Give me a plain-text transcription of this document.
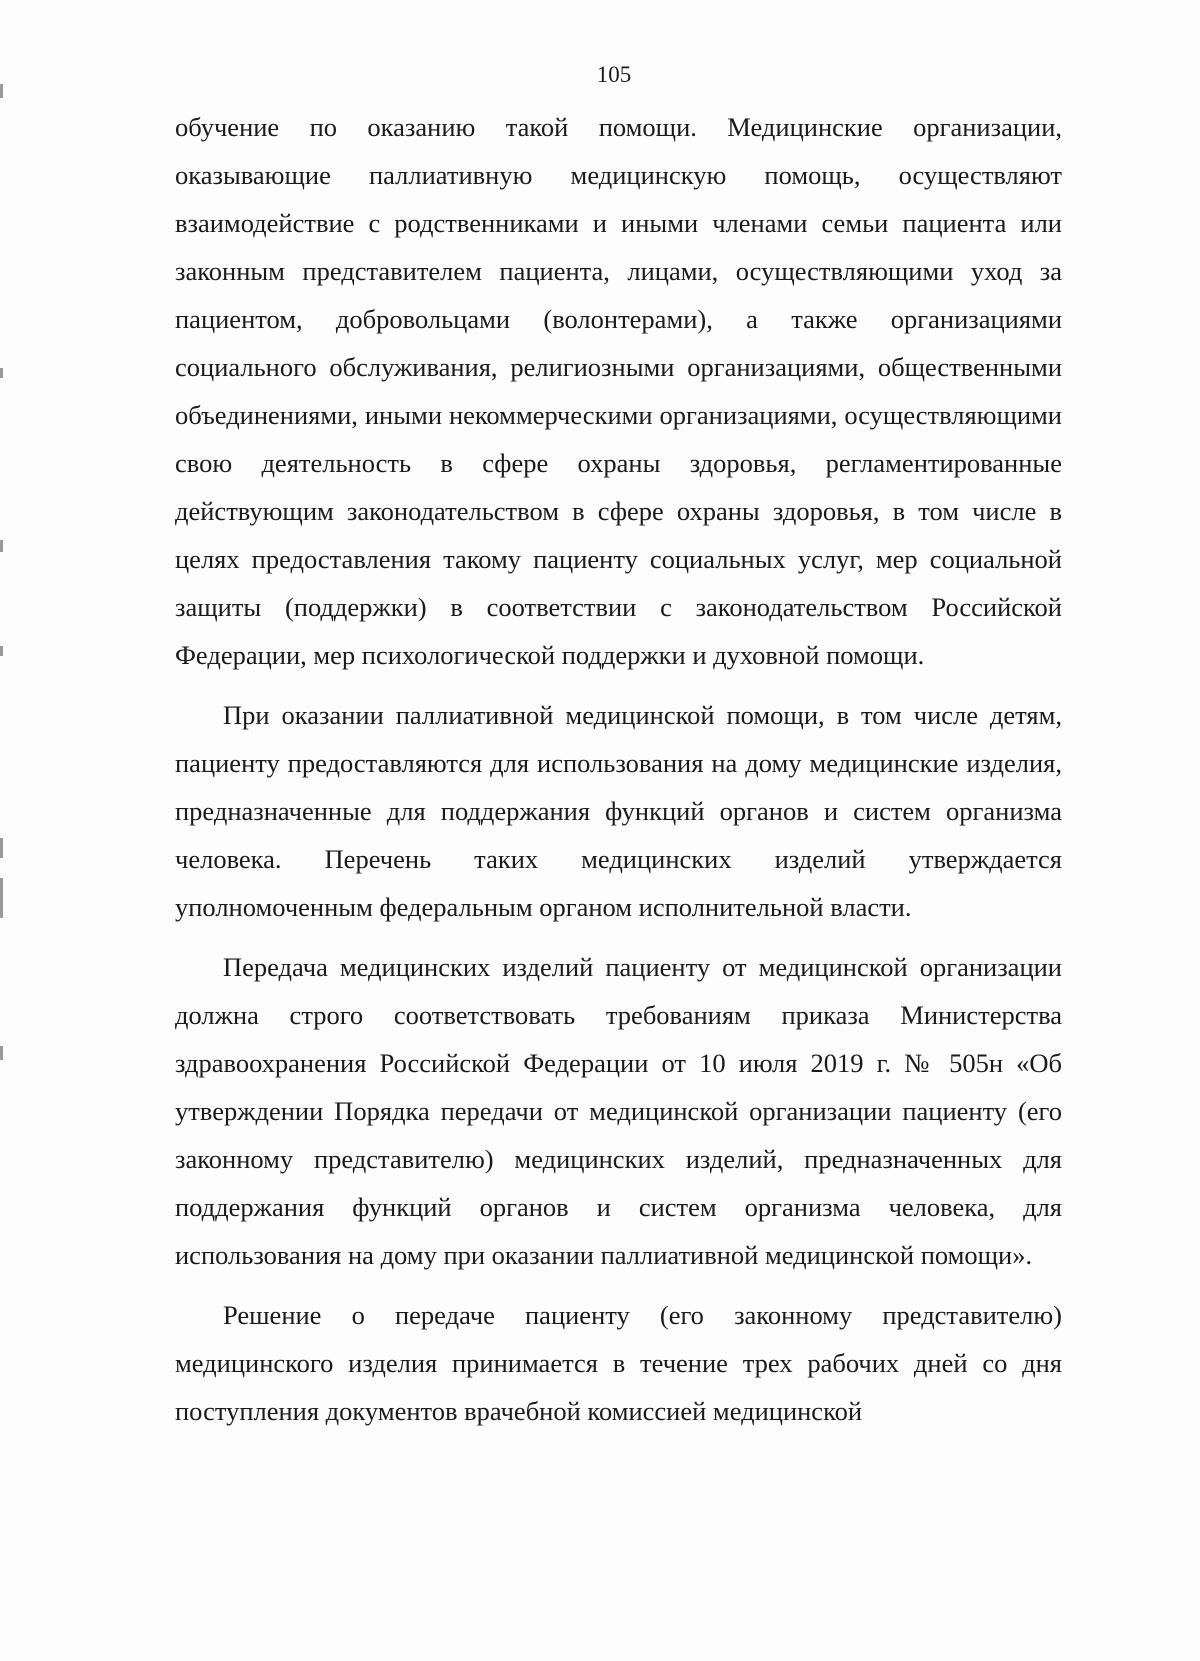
105

обучение по оказанию такой помощи. Медицинские организации, оказывающие паллиативную медицинскую помощь, осуществляют взаимодействие с родственниками и иными членами семьи пациента или законным представителем пациента, лицами, осуществляющими уход за пациентом, добровольцами (волонтерами), а также организациями социального обслуживания, религиозными организациями, общественными объединениями, иными некоммерческими организациями, осуществляющими свою деятельность в сфере охраны здоровья, регламентированные действующим законодательством в сфере охраны здоровья, в том числе в целях предоставления такому пациенту социальных услуг, мер социальной защиты (поддержки) в соответствии с законодательством Российской Федерации, мер психологической поддержки и духовной помощи.

При оказании паллиативной медицинской помощи, в том числе детям, пациенту предоставляются для использования на дому медицинские изделия, предназначенные для поддержания функций органов и систем организма человека. Перечень таких медицинских изделий утверждается уполномоченным федеральным органом исполнительной власти.

Передача медицинских изделий пациенту от медицинской организации должна строго соответствовать требованиям приказа Министерства здравоохранения Российской Федерации от 10 июля 2019 г. № 505н «Об утверждении Порядка передачи от медицинской организации пациенту (его законному представителю) медицинских изделий, предназначенных для поддержания функций органов и систем организма человека, для использования на дому при оказании паллиативной медицинской помощи».

Решение о передаче пациенту (его законному представителю) медицинского изделия принимается в течение трех рабочих дней со дня поступления документов врачебной комиссией медицинской
